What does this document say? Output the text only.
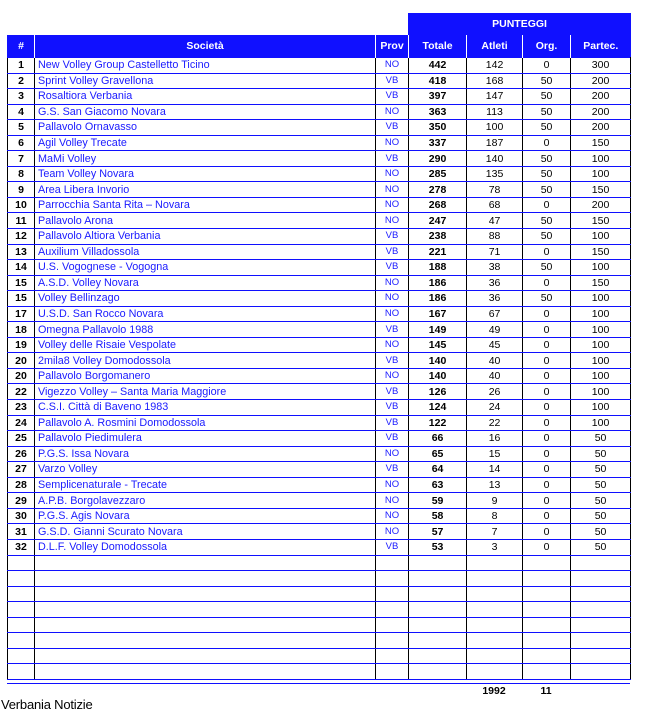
			PUNTEGGI			
#	Società	Prov	Totale	Atleti	Org.	Partec.
1	New Volley Group Castelletto Ticino	NO	442	142	0	300
2	Sprint Volley Gravellona	VB	418	168	50	200
3	Rosaltiora Verbania	VB	397	147	50	200
4	G.S. San Giacomo Novara	NO	363	113	50	200
5	Pallavolo Ornavasso	VB	350	100	50	200
6	Agil Volley Trecate	NO	337	187	0	150
7	MaMi Volley	VB	290	140	50	100
8	Team Volley Novara	NO	285	135	50	100
9	Area Libera Invorio	NO	278	78	50	150
10	Parrocchia Santa Rita – Novara	NO	268	68	0	200
11	Pallavolo Arona	NO	247	47	50	150
12	Pallavolo Altiora Verbania	VB	238	88	50	100
13	Auxilium Villadossola	VB	221	71	0	150
14	U.S. Vogognese - Vogogna	VB	188	38	50	100
15	A.S.D. Volley Novara	NO	186	36	0	150
15	Volley Bellinzago	NO	186	36	50	100
17	U.S.D. San Rocco Novara	NO	167	67	0	100
18	Omegna Pallavolo 1988	VB	149	49	0	100
19	Volley delle Risaie Vespolate	NO	145	45	0	100
20	2mila8 Volley Domodossola	VB	140	40	0	100
20	Pallavolo Borgomanero	NO	140	40	0	100
22	Vigezzo Volley – Santa Maria Maggiore	VB	126	26	0	100
23	C.S.I. Città di Baveno 1983	VB	124	24	0	100
24	Pallavolo A. Rosmini Domodossola	VB	122	22	0	100
25	Pallavolo Piedimulera	VB	66	16	0	50
26	P.G.S. Issa Novara	NO	65	15	0	50
27	Varzo Volley	VB	64	14	0	50
28	Semplicenaturale - Trecate	NO	63	13	0	50
29	A.P.B. Borgolavezzaro	NO	59	9	0	50
30	P.G.S. Agis Novara	NO	58	8	0	50
31	G.S.D. Gianni Scurato Novara	NO	57	7	0	50
32	D.L.F. Volley Domodossola	VB	53	3	0	50

				1992	11	
Verbania Notizie
